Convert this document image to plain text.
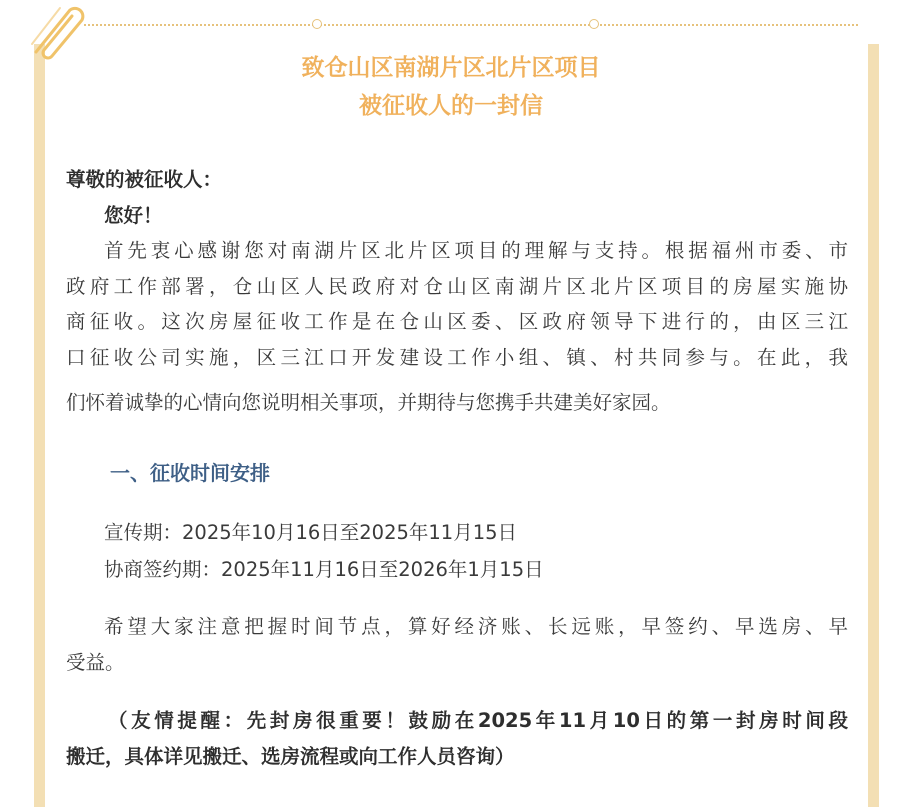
致仓山区南湖片区北片区项目
被征收人的一封信
尊敬的被征收人：
您好！
首先衷心感谢您对南湖片区北片区项目的理解与支持。根据福州市委、市
政府工作部署，仓山区人民政府对仓山区南湖片区北片区项目的房屋实施协
商征收。这次房屋征收工作是在仓山区委、区政府领导下进行的，由区三江
口征收公司实施，区三江口开发建设工作小组、镇、村共同参与。在此，我
们怀着诚挚的心情向您说明相关事项，并期待与您携手共建美好家园。
一、征收时间安排
宣传期：2025年10月16日至2025年11月15日
协商签约期：2025年11月16日至2026年1月15日
希望大家注意把握时间节点，算好经济账、长远账，早签约、早选房、早
受益。
（友情提醒：先封房很重要！鼓励在2025年11月10日的第一封房时间段
搬迁，具体详见搬迁、选房流程或向工作人员咨询）
